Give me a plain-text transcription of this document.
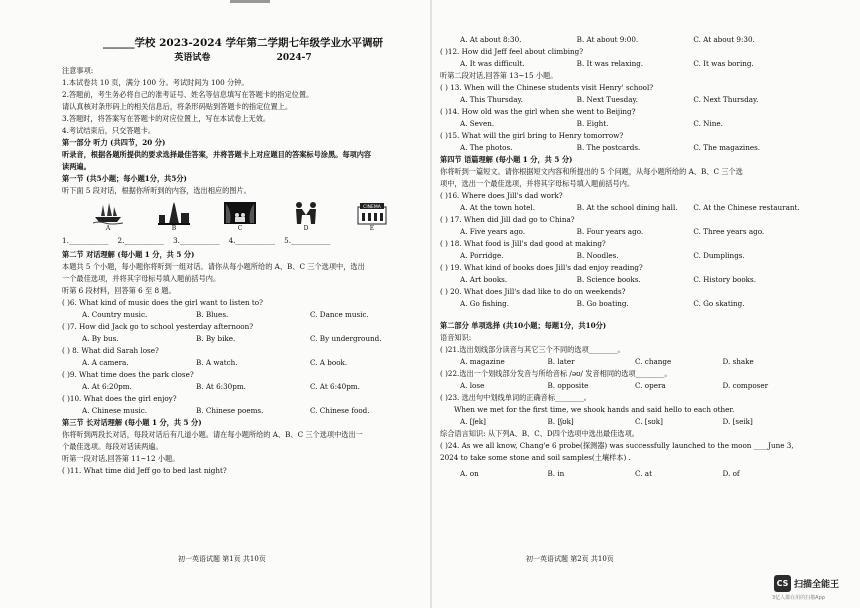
______学校 2023-2024 学年第二学期七年级学业水平调研
英语试卷	2024-7
注意事项:
1.本试卷共 10 页，满分 100 分。考试时间为 100 分钟。
2.答题前，考生务必将自己的准考证号、姓名等信息填写在答题卡的指定位置。
请认真核对条形码上的相关信息后，将条形码贴到答题卡的指定位置上。
3.答题时，将答案写在答题卡的对应位置上，写在本试卷上无效。
4.考试结束后，只交答题卡。
第一部分 听力 (共四节，20 分)
听录音，根据各题所提供的要求选择最佳答案，并将答题卡上对应题目的答案标号涂黑。每项内容
读两遍。
第一节 (共5小题；每小题1分，共5分)
听下面 5 段对话，根据你所听到的内容，选出相应的图片。
A	B	C	D
CINEMA
E
1.___________ 2.___________ 3.___________ 4.___________ 5.___________
第二节 对话理解 (每小题 1 分，共 5 分)
本题共 5 个小题，每小题你将听到一组对话。请你从每小题所给的 A、B、C 三个选项中，选出
一个最佳选项，并将其字母标号填入题前括号内。
听第 6 段材料，回答第 6 至 8 题。
( )6. What kind of music does the girl want to listen to?
A. Country music.	B. Blues.	C. Dance music.
( )7. How did Jack go to school yesterday afternoon?
A. By bus.	B. By bike.	C. By underground.
( ) 8. What did Sarah lose?
A. A camera.	B. A watch.	C. A book.
( )9. What time does the park close?
A. At 6:20pm.	B. At 6:30pm.	C. At 6:40pm.
( )10. What does the girl enjoy?
A. Chinese music.	B. Chinese poems.	C. Chinese food.
第三节 长对话理解 (每小题 1 分，共 5 分)
你将听到两段长对话，每段对话后有几道小题。请在每小题所给的 A、B、C 三个选项中选出一
个最佳选项。每段对话读两遍。
听第一段对话,回答第 11~12 小题。
( )11. What time did Jeff go to bed last night?
初一英语试题 第1页 共10页
A. At about 8:30.	B. At about 9:00.	C. At about 9:30.
( )12. How did Jeff feel about climbing?
A. It was difficult.	B. It was relaxing.	C. It was boring.
听第二段对话,回答第 13~15 小题。
( ) 13. When will the Chinese students visit Henry' school?
A. This Thursday.	B. Next Tuesday.	C. Next Thursday.
( )14. How old was the girl when she went to Beijing?
A. Seven.	B. Eight.	C. Nine.
( )15. What will the girl bring to Henry tomorrow?
A. The photos.	B. The postcards.	C. The magazines.
第四节 语篇理解 (每小题 1 分，共 5 分)
你将听到一篇短文。请你根据短文内容和所提出的 5 个问题，从每小题所给的 A、B、C 三个选
项中，选出一个最佳选项，并将其字母标号填入题前括号内。
( )16. Where does Jill's dad work?
A. At the town hotel.	B. At the school dining hall.	C. At the Chinese restaurant.
( ) 17. When did Jill dad go to China?
A. Five years ago.	B. Four years ago.	C. Three years ago.
( ) 18. What food is Jill's dad good at making?
A. Porridge.	B. Noodles.	C. Dumplings.
( ) 19. What kind of books does Jill's dad enjoy reading?
A. Art books.	B. Science books.	C. History books.
( ) 20. What does Jill's dad like to do on weekends?
A. Go fishing.	B. Go boating.	C. Go skating.
第二部分 单项选择 (共10小题；每题1分，共10分)
语音知识:
( )21.选出划线部分读音与其它三个不同的选项________。
A. magazine	B. later	C. change	D. shake
( )22.选出一个划线部分发音与所给音标 /əʊ/ 发音相同的选项________。
A. lose	B. opposite	C. opera	D. composer
( )23. 选出句中划线单词的正确音标________。
When we met for the first time, we shook hands and said hello to each other.
A. [ʃek]	B. [ʃʊk]	C. [sʊk]	D. [seik]
综合语言知识: 从下列A、B、C、D四个选项中选出最佳选项。
( )24. As we all know, Chang'e 6 probe(探测器) was successfully launched to the moon ____June 3,
2024 to take some stone and soil samples(土壤样本) .
A. on	B. in	C. at	D. of
初一英语试题 第2页 共10页
CS 扫描全能王
3亿人都在用的扫描App
